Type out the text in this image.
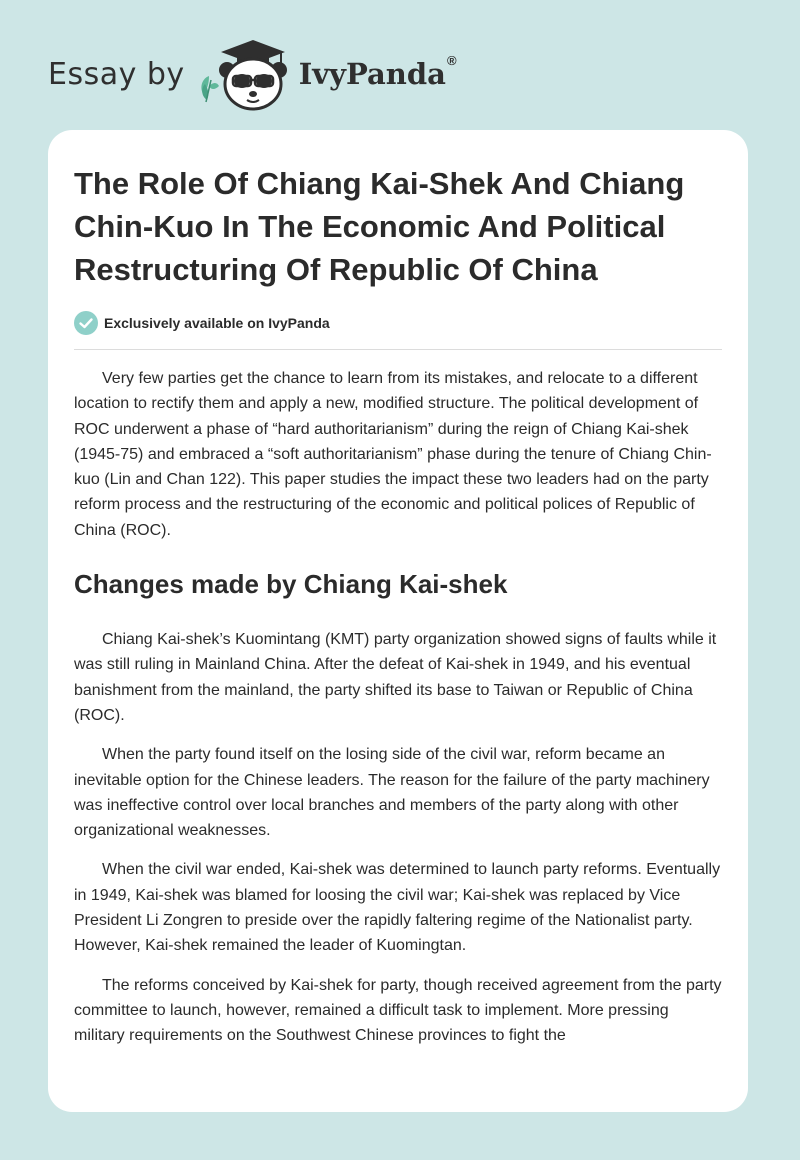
Essay by	IvyPanda®
The Role Of Chiang Kai-Shek And Chiang Chin-Kuo In The Economic And Political Restructuring Of Republic Of China
Exclusively available on IvyPanda

Very few parties get the chance to learn from its mistakes, and relocate to a different location to rectify them and apply a new, modified structure. The political development of ROC underwent a phase of “hard authoritarianism” during the reign of Chiang Kai-shek (1945-75) and embraced a “soft authoritarianism” phase during the tenure of Chiang Chin-kuo (Lin and Chan 122). This paper studies the impact these two leaders had on the party reform process and the restructuring of the economic and political polices of Republic of China (ROC).

Changes made by Chiang Kai-shek

Chiang Kai-shek’s Kuomintang (KMT) party organization showed signs of faults while it was still ruling in Mainland China. After the defeat of Kai-shek in 1949, and his eventual banishment from the mainland, the party shifted its base to Taiwan or Republic of China (ROC).

When the party found itself on the losing side of the civil war, reform became an inevitable option for the Chinese leaders. The reason for the failure of the party machinery was ineffective control over local branches and members of the party along with other organizational weaknesses.

When the civil war ended, Kai-shek was determined to launch party reforms. Eventually in 1949, Kai-shek was blamed for loosing the civil war; Kai-shek was replaced by Vice President Li Zongren to preside over the rapidly faltering regime of the Nationalist party. However, Kai-shek remained the leader of Kuomingtan.

The reforms conceived by Kai-shek for party, though received agreement from the party committee to launch, however, remained a difficult task to implement. More pressing military requirements on the Southwest Chinese provinces to fight the
